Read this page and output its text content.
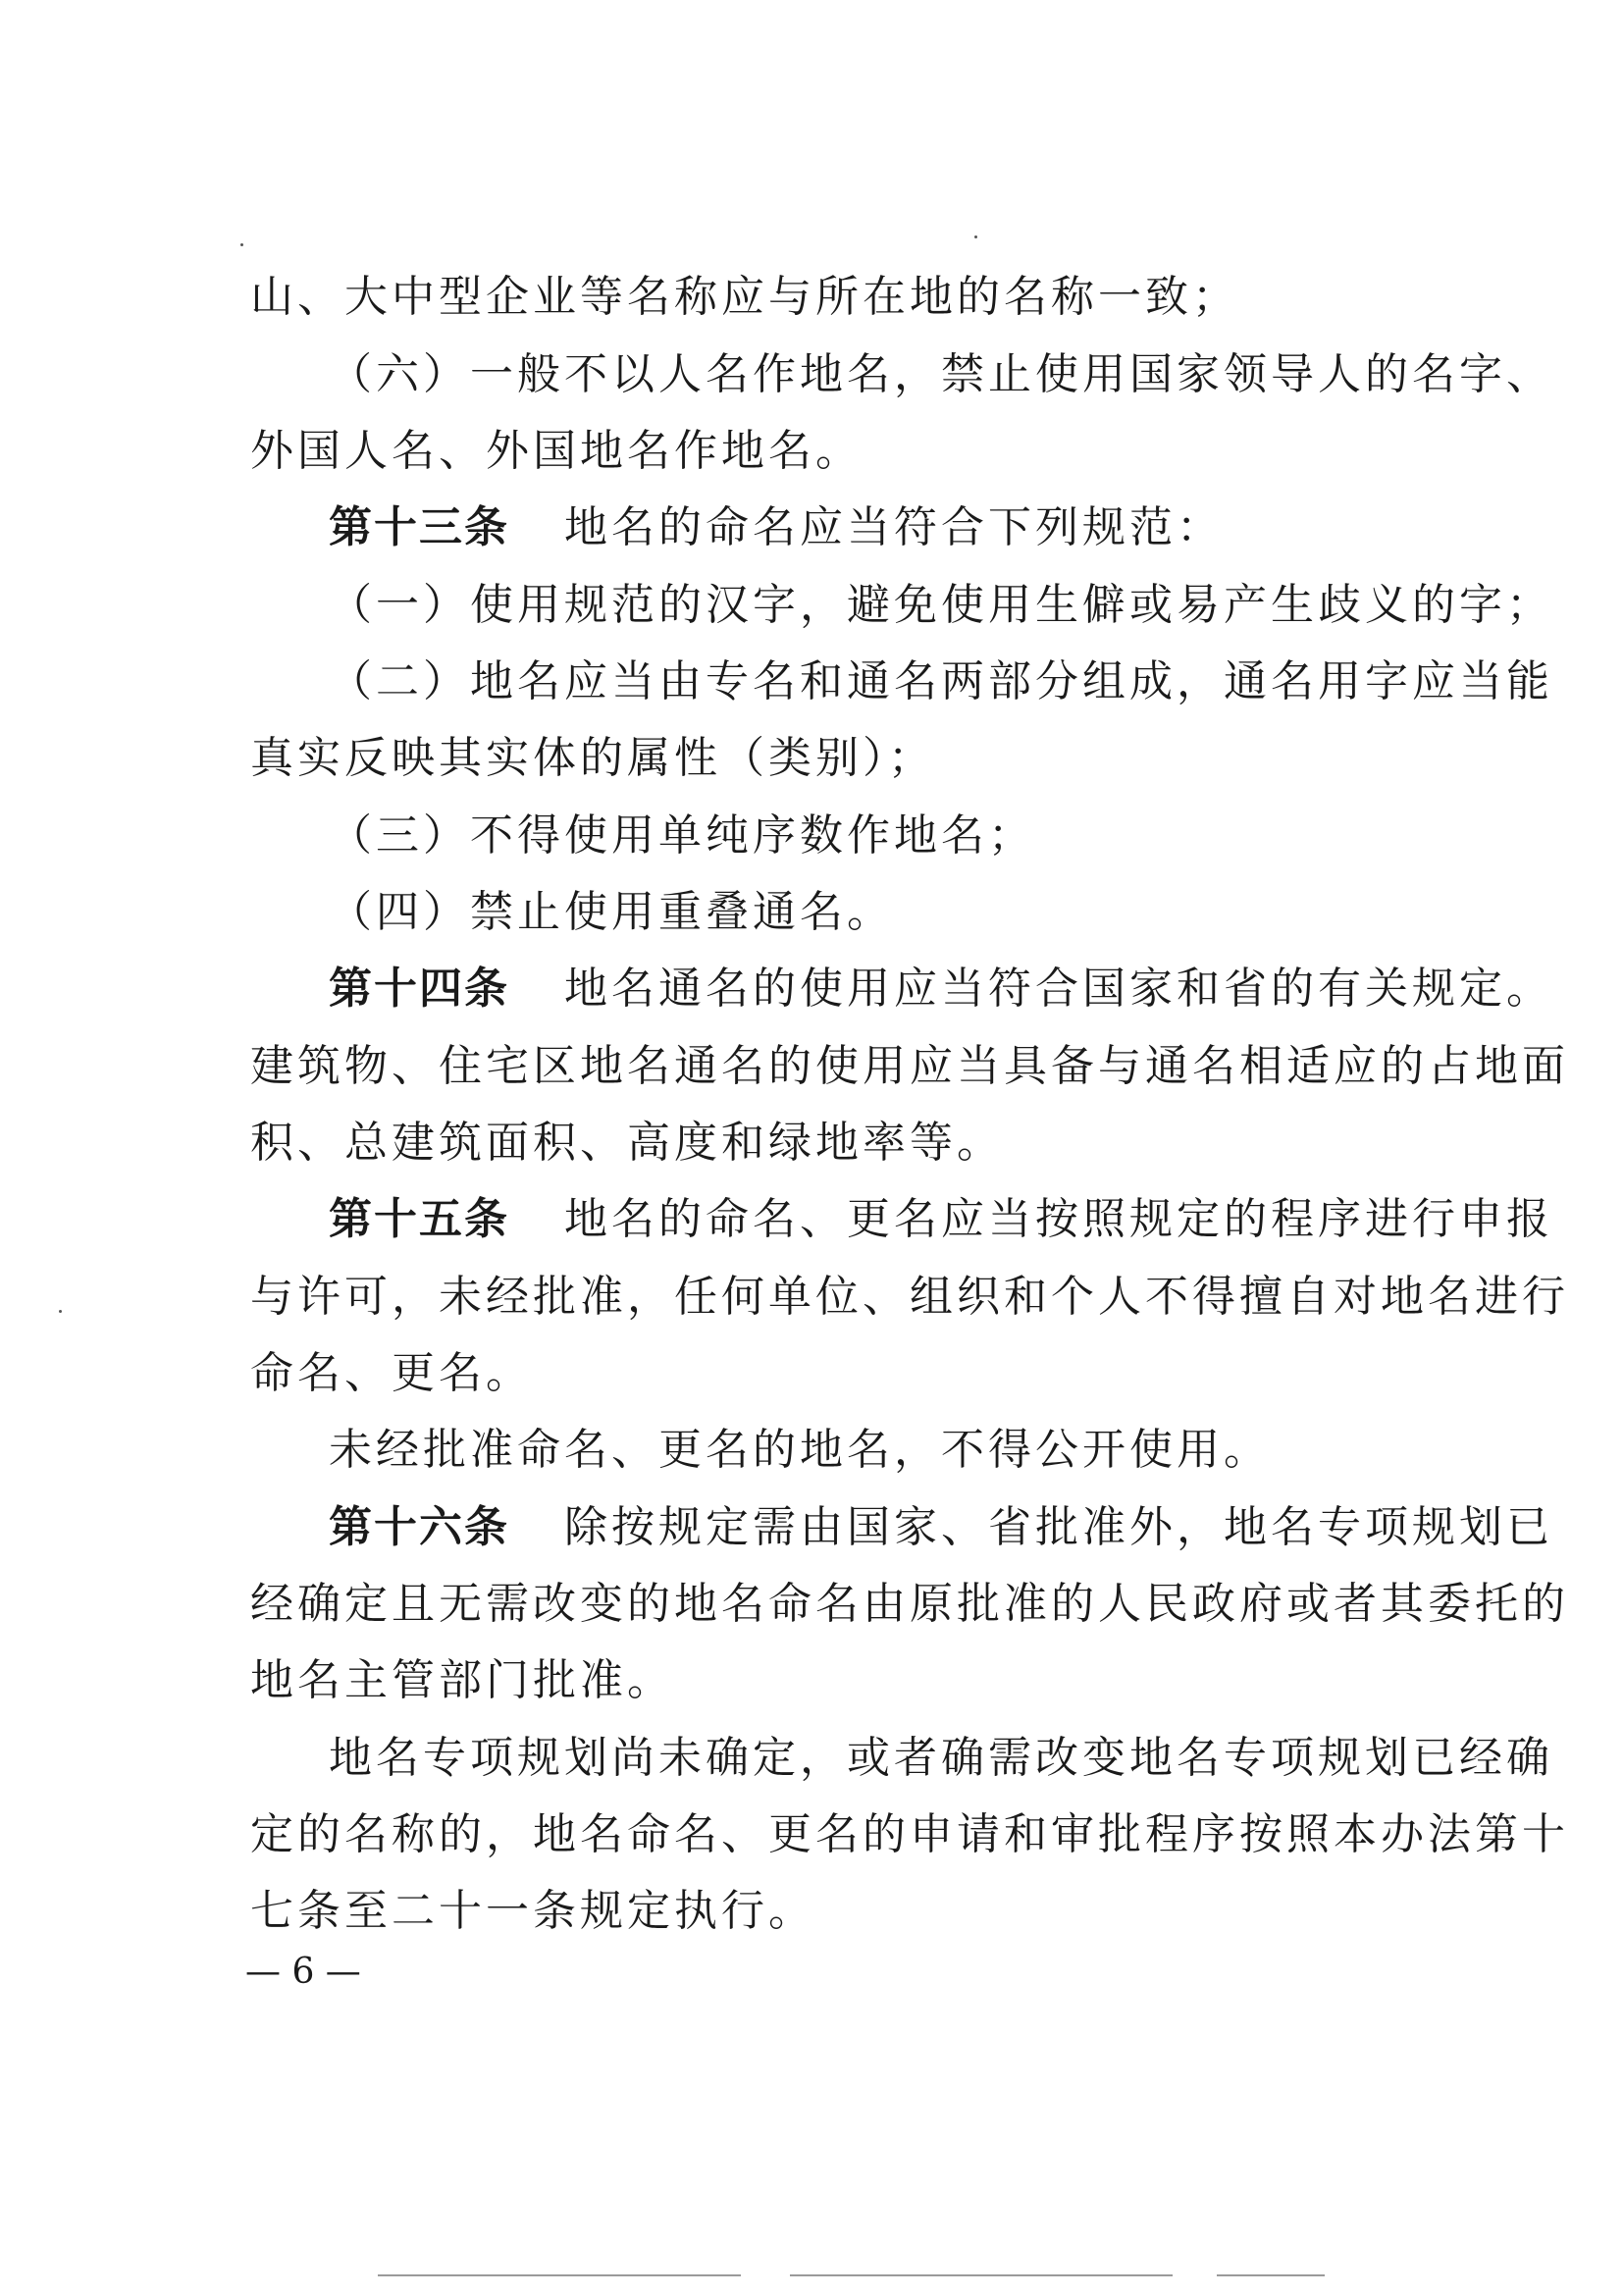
山、大中型企业等名称应与所在地的名称一致；
（六）一般不以人名作地名，禁止使用国家领导人的名字、
外国人名、外国地名作地名。
第十三条 地名的命名应当符合下列规范：
（一）使用规范的汉字，避免使用生僻或易产生歧义的字；
（二）地名应当由专名和通名两部分组成，通名用字应当能
真实反映其实体的属性（类别）；
（三）不得使用单纯序数作地名；
（四）禁止使用重叠通名。
第十四条 地名通名的使用应当符合国家和省的有关规定。
建筑物、住宅区地名通名的使用应当具备与通名相适应的占地面
积、总建筑面积、高度和绿地率等。
第十五条 地名的命名、更名应当按照规定的程序进行申报
与许可，未经批准，任何单位、组织和个人不得擅自对地名进行
命名、更名。
未经批准命名、更名的地名，不得公开使用。
第十六条 除按规定需由国家、省批准外，地名专项规划已
经确定且无需改变的地名命名由原批准的人民政府或者其委托的
地名主管部门批准。
地名专项规划尚未确定，或者确需改变地名专项规划已经确
定的名称的，地名命名、更名的申请和审批程序按照本办法第十
七条至二十一条规定执行。
— 6 —
